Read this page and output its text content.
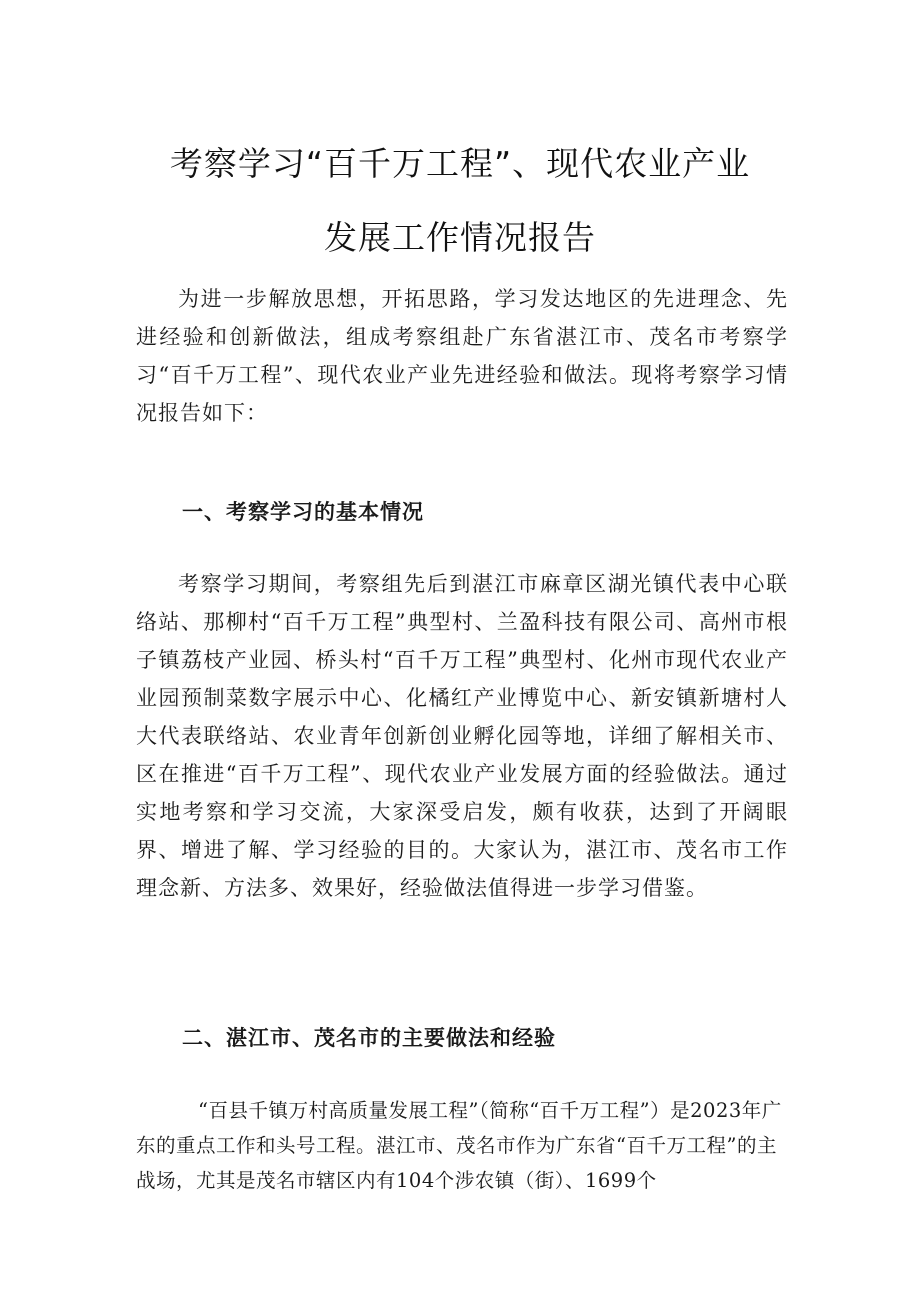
考察学习“百千万工程”、现代农业产业
发展工作情况报告

为进一步解放思想，开拓思路，学习发达地区的先进理念、先进经验和创新做法，组成考察组赴广东省湛江市、茂名市考察学习“百千万工程”、现代农业产业先进经验和做法。现将考察学习情况报告如下：

一、考察学习的基本情况

考察学习期间，考察组先后到湛江市麻章区湖光镇代表中心联络站、那柳村“百千万工程”典型村、兰盈科技有限公司、高州市根子镇荔枝产业园、桥头村“百千万工程”典型村、化州市现代农业产业园预制菜数字展示中心、化橘红产业博览中心、新安镇新塘村人大代表联络站、农业青年创新创业孵化园等地，详细了解相关市、区在推进“百千万工程”、现代农业产业发展方面的经验做法。通过实地考察和学习交流，大家深受启发，颇有收获，达到了开阔眼界、增进了解、学习经验的目的。大家认为，湛江市、茂名市工作理念新、方法多、效果好，经验做法值得进一步学习借鉴。

二、湛江市、茂名市的主要做法和经验

“百县千镇万村高质量发展工程”（简称“百千万工程”）是2023年广东的重点工作和头号工程。湛江市、茂名市作为广东省“百千万工程”的主战场，尤其是茂名市辖区内有104个涉农镇（街）、1699个
